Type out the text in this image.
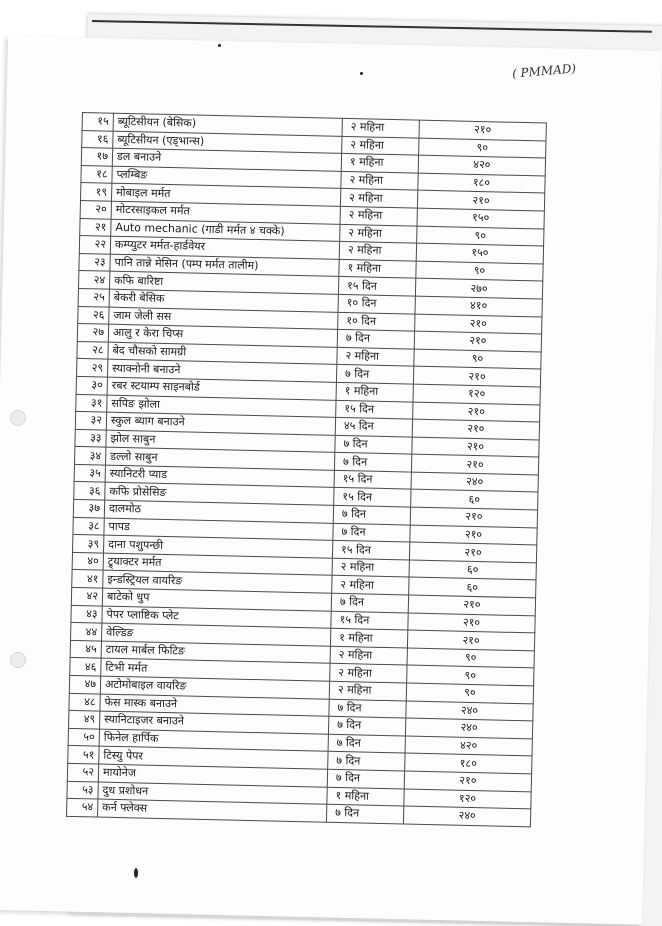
( PMMAD)
१५	ब्यूटिसीयन (बेसिक)	२ महिना	२१०
१६	ब्यूटिसीयन (एड्भान्स)	२ महिना	९०
१७	डल बनाउने	१ महिना	४२०
१८	प्लम्बिङ	२ महिना	१८०
१९	मोबाइल मर्मत	२ महिना	२१०
२०	मोटरसाइकल मर्मत	२ महिना	१५०
२१	Auto mechanic (गाडी मर्मत ४ चक्के)	२ महिना	९०
२२	कम्प्युटर मर्मत-हार्डवेयर	२ महिना	१५०
२३	पानि तान्ने मेसिन (पम्प मर्मत तालीम)	१ महिना	९०
२४	कफि बारिष्टा	१५ दिन	२७०
२५	बेकरी बेसिक	१० दिन	४१०
२६	जाम जेली सस	१० दिन	२१०
२७	आलु र केरा चिप्स	७ दिन	२१०
२८	बेद चौसको सामग्री	२ महिना	९०
२९	स्याक्नोनी बनाउने	७ दिन	२१०
३०	रबर स्टयाम्प साइनबोर्ड	१ महिना	१२०
३१	सपिङ झोला	१५ दिन	२१०
३२	स्कुल ब्याग बनाउने	४५ दिन	२१०
३३	झोल साबुन	७ दिन	२१०
३४	डल्लो साबुन	७ दिन	२१०
३५	स्यानिटरी प्याड	१५ दिन	२४०
३६	कफि प्रोसेसिङ	१५ दिन	६०
३७	दालमोठ	७ दिन	२१०
३८	पापड	७ दिन	२१०
३९	दाना पशुपन्छी	१५ दिन	२१०
४०	ट्र्याक्टर मर्मत	२ महिना	६०
४१	इन्डस्ट्रियल वायरिङ	२ महिना	६०
४२	बाटेको धुप	७ दिन	२१०
४३	पेपर प्लाष्टिक प्लेट	१५ दिन	२१०
४४	वेल्डिङ	१ महिना	२१०
४५	टायल मार्बल फिटिङ	२ महिना	९०
४६	टिभी मर्मत	२ महिना	९०
४७	अटोमोबाइल वायरिङ	२ महिना	९०
४८	फेस मास्क बनाउने	७ दिन	२४०
४९	स्यानिटाइजर बनाउने	७ दिन	२४०
५०	फिनेल हार्पिक	७ दिन	४२०
५१	टिस्यु पेपर	७ दिन	१८०
५२	मायोनेज	७ दिन	२१०
५३	दुध प्रशोधन	१ महिना	१२०
५४	कर्न फ्लेक्स	७ दिन	२४०
